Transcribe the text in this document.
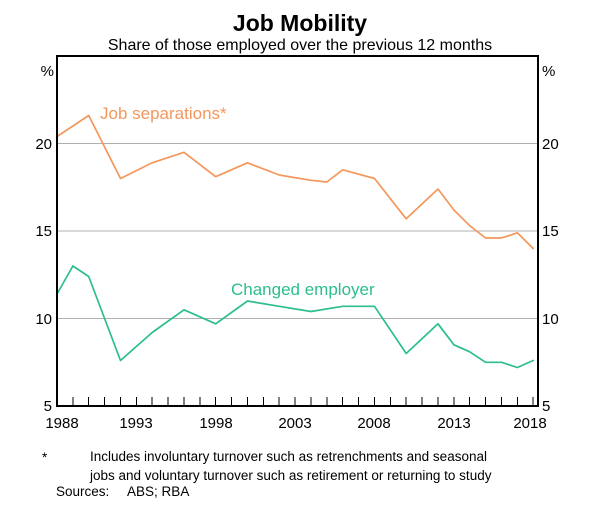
Job Mobility
Share of those employed over the previous 12 months
%	%
20
15
10
5
20
15
10
5
1988	1993	1998	2003	2008	2013	2018
Job separations*
Changed employer
*	Includes involuntary turnover such as retrenchments and seasonal
jobs and voluntary turnover such as retirement or returning to study
Sources: ABS; RBA
